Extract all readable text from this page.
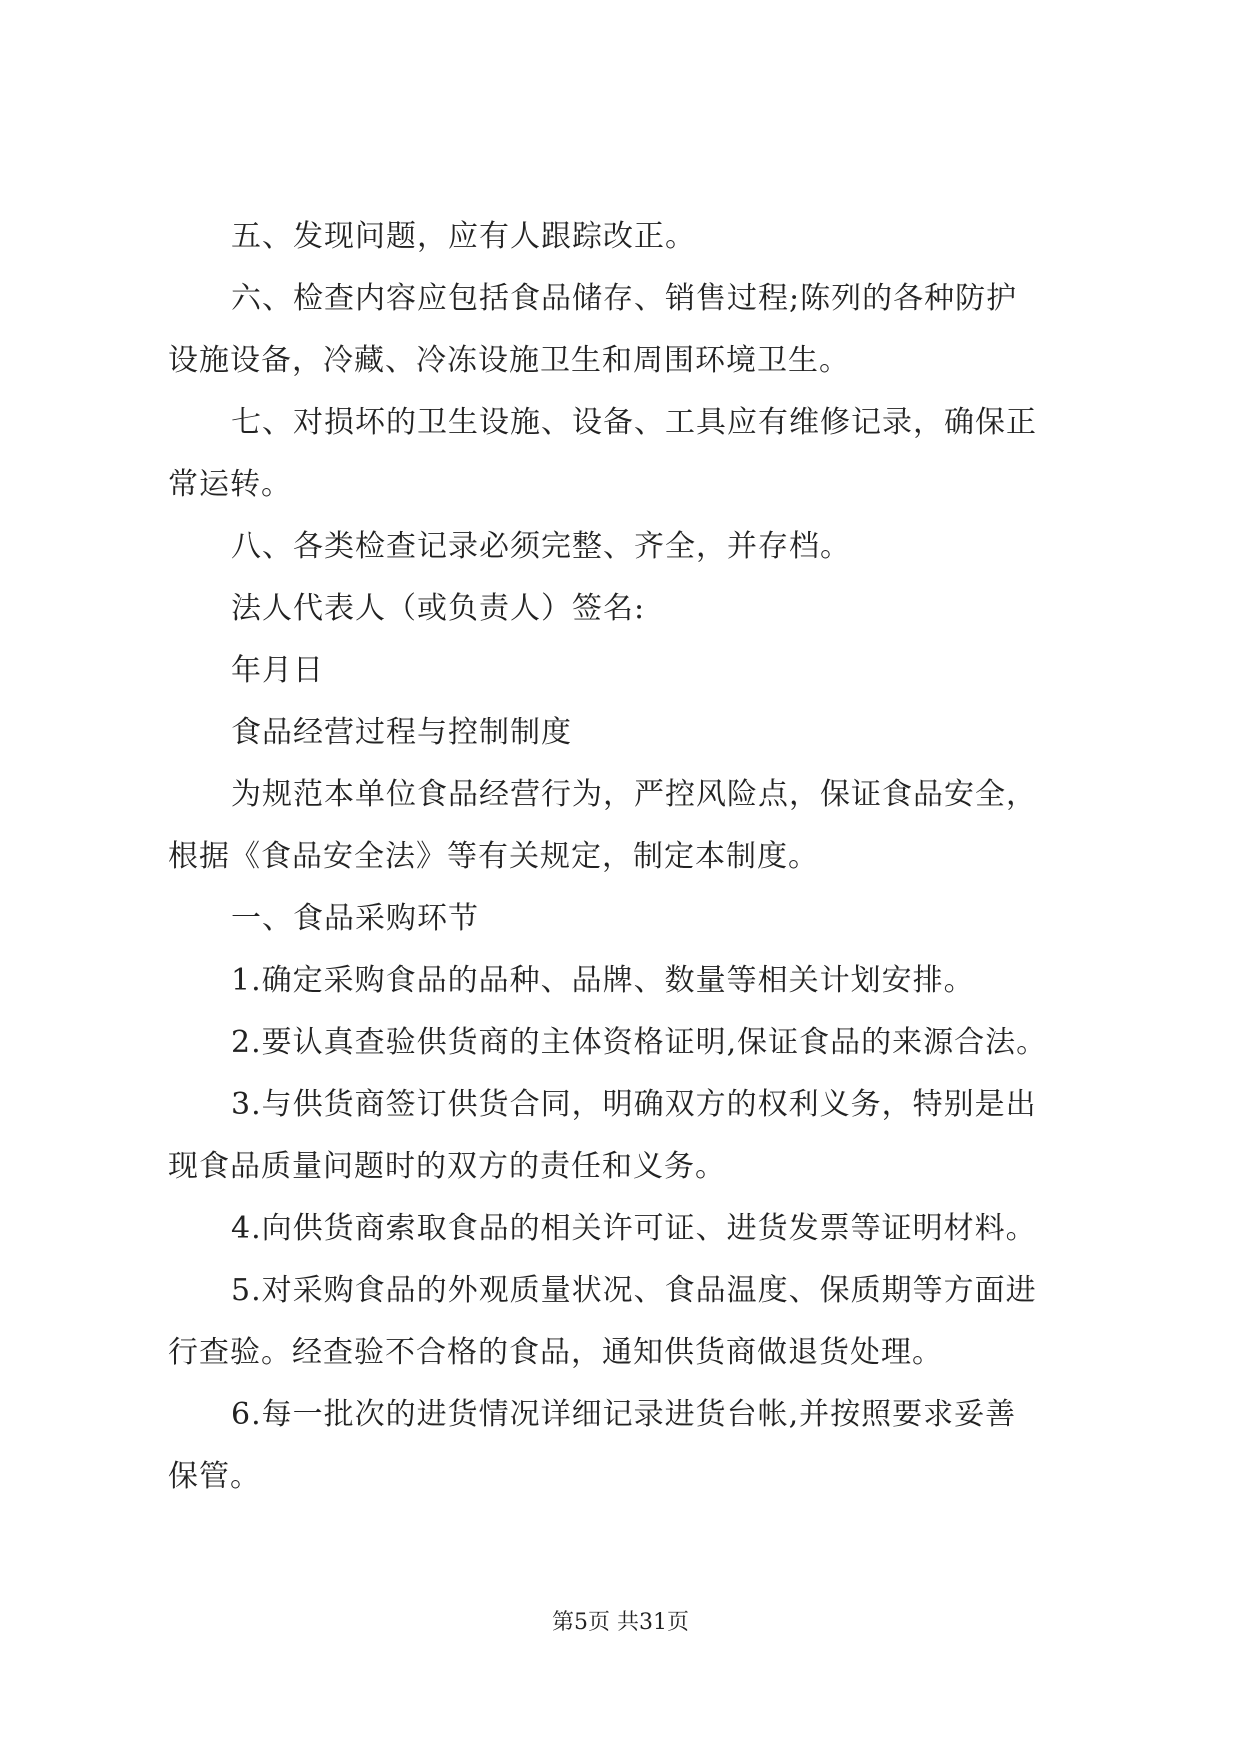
五、发现问题，应有人跟踪改正。
六、检查内容应包括食品储存、销售过程;陈列的各种防护
设施设备，冷藏、冷冻设施卫生和周围环境卫生。
七、对损坏的卫生设施、设备、工具应有维修记录，确保正
常运转。
八、各类检查记录必须完整、齐全，并存档。
法人代表人（或负责人）签名:
年月日
食品经营过程与控制制度
为规范本单位食品经营行为，严控风险点，保证食品安全，
根据《食品安全法》等有关规定，制定本制度。
一、食品采购环节
1.确定采购食品的品种、品牌、数量等相关计划安排。
2.要认真查验供货商的主体资格证明,保证食品的来源合法。
3.与供货商签订供货合同，明确双方的权利义务，特别是出
现食品质量问题时的双方的责任和义务。
4.向供货商索取食品的相关许可证、进货发票等证明材料。
5.对采购食品的外观质量状况、食品温度、保质期等方面进
行查验。经查验不合格的食品，通知供货商做退货处理。
6.每一批次的进货情况详细记录进货台帐,并按照要求妥善
保管。
第5页 共31页
